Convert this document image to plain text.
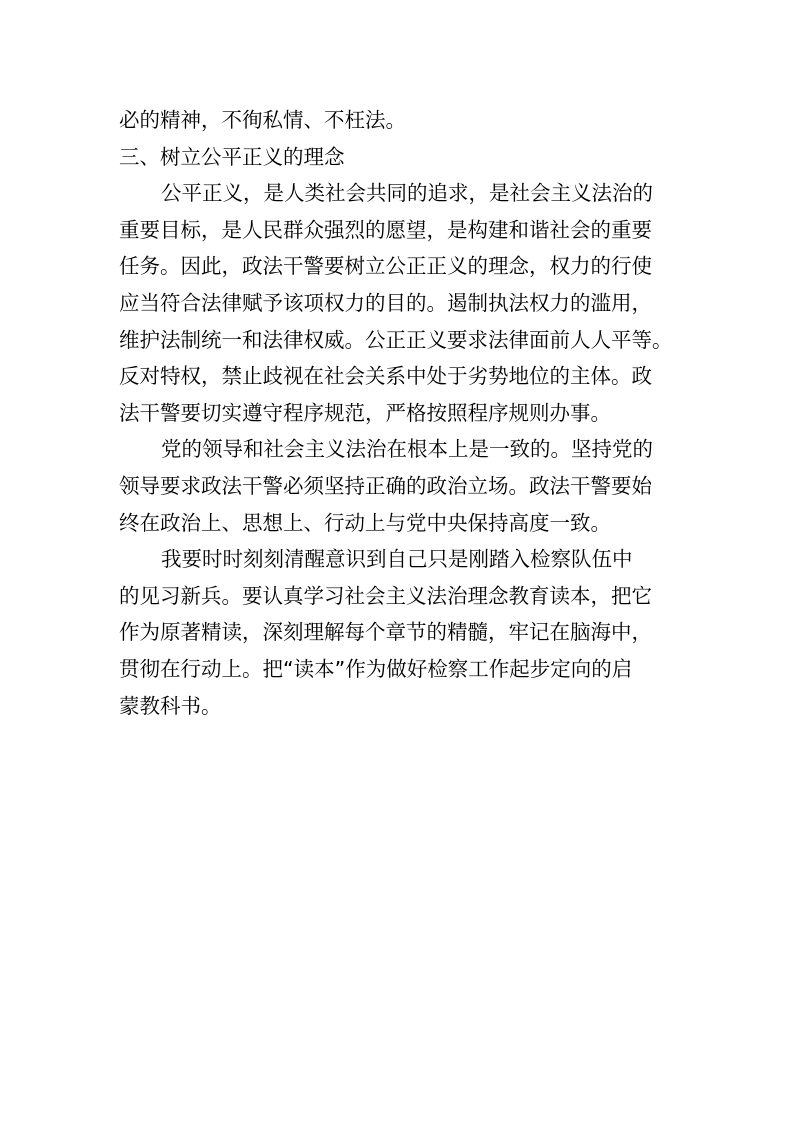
必的精神，不徇私情、不枉法。
三、树立公平正义的理念
公平正义，是人类社会共同的追求，是社会主义法治的
重要目标，是人民群众强烈的愿望，是构建和谐社会的重要
任务。因此，政法干警要树立公正正义的理念，权力的行使
应当符合法律赋予该项权力的目的。遏制执法权力的滥用，
维护法制统一和法律权威。公正正义要求法律面前人人平等。
反对特权，禁止歧视在社会关系中处于劣势地位的主体。政
法干警要切实遵守程序规范，严格按照程序规则办事。
党的领导和社会主义法治在根本上是一致的。坚持党的
领导要求政法干警必须坚持正确的政治立场。政法干警要始
终在政治上、思想上、行动上与党中央保持高度一致。
我要时时刻刻清醒意识到自己只是刚踏入检察队伍中
的见习新兵。要认真学习社会主义法治理念教育读本，把它
作为原著精读，深刻理解每个章节的精髓，牢记在脑海中，
贯彻在行动上。把“读本”作为做好检察工作起步定向的启
蒙教科书。
